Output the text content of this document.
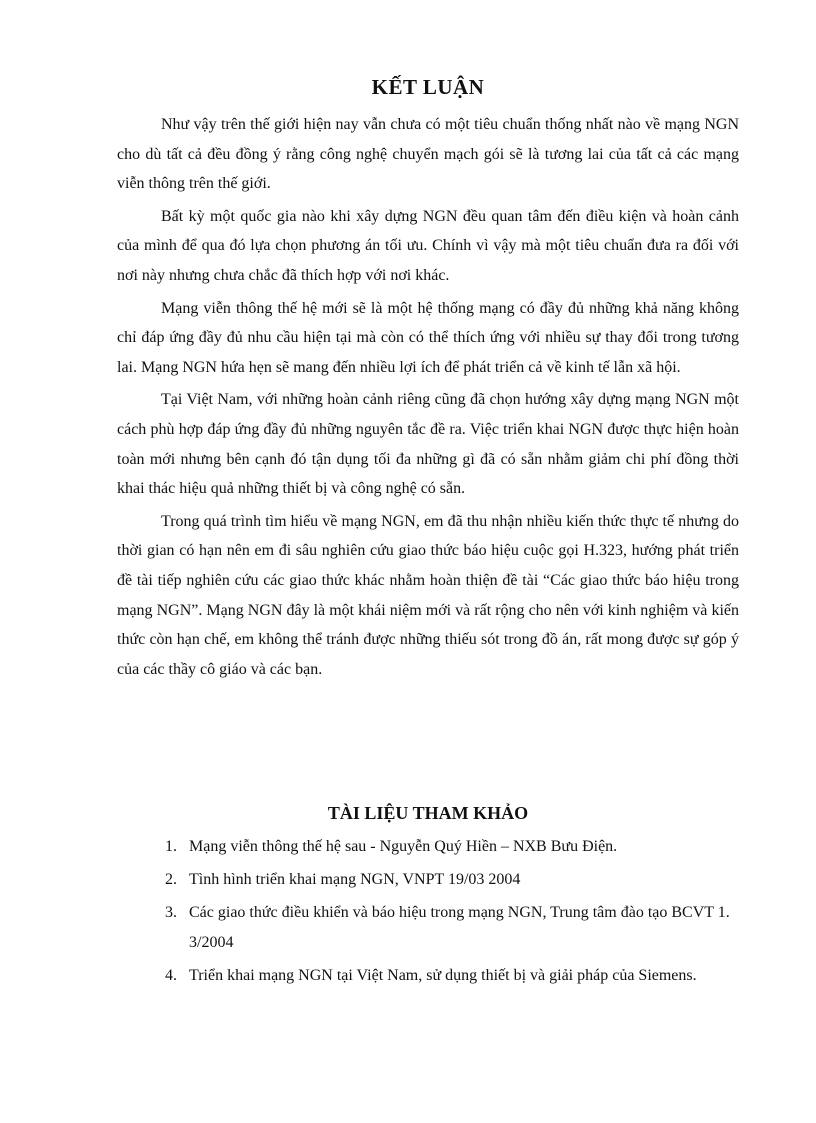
KẾT LUẬN

Như vậy trên thế giới hiện nay vẫn chưa có một tiêu chuẩn thống nhất nào về mạng NGN cho dù tất cả đều đồng ý rằng công nghệ chuyển mạch gói sẽ là tương lai của tất cả các mạng viễn thông trên thế giới.

Bất kỳ một quốc gia nào khi xây dựng NGN đều quan tâm đến điều kiện và hoàn cảnh của mình để qua đó lựa chọn phương án tối ưu. Chính vì vậy mà một tiêu chuẩn đưa ra đối với nơi này nhưng chưa chắc đã thích hợp với nơi khác.

Mạng viễn thông thế hệ mới sẽ là một hệ thống mạng có đầy đủ những khả năng không chỉ đáp ứng đầy đủ nhu cầu hiện tại mà còn có thể thích ứng với nhiều sự thay đổi trong tương lai. Mạng NGN hứa hẹn sẽ mang đến nhiều lợi ích để phát triển cả về kinh tế lẫn xã hội.

Tại Việt Nam, với những hoàn cảnh riêng cũng đã chọn hướng xây dựng mạng NGN một cách phù hợp đáp ứng đầy đủ những nguyên tắc đề ra. Việc triển khai NGN được thực hiện hoàn toàn mới nhưng bên cạnh đó tận dụng tối đa những gì đã có sẵn nhằm giảm chi phí đồng thời khai thác hiệu quả những thiết bị và công nghệ có sẵn.

Trong quá trình tìm hiểu về mạng NGN, em đã thu nhận nhiều kiến thức thực tế nhưng do thời gian có hạn nên em đi sâu nghiên cứu giao thức báo hiệu cuộc gọi H.323, hướng phát triển đề tài tiếp nghiên cứu các giao thức khác nhằm hoàn thiện đề tài “Các giao thức báo hiệu trong mạng NGN”. Mạng NGN đây là một khái niệm mới và rất rộng cho nên với kinh nghiệm và kiến thức còn hạn chế, em không thể tránh được những thiếu sót trong đồ án, rất mong được sự góp ý của các thầy cô giáo và các bạn.

TÀI LIỆU THAM KHẢO
1. Mạng viễn thông thế hệ sau - Nguyễn Quý Hiền – NXB Bưu Điện.
2. Tình hình triển khai mạng NGN, VNPT 19/03 2004
3. Các giao thức điều khiển và báo hiệu trong mạng NGN, Trung tâm đào tạo BCVT 1. 3/2004
4. Triển khai mạng NGN tại Việt Nam, sử dụng thiết bị và giải pháp của Siemens.
